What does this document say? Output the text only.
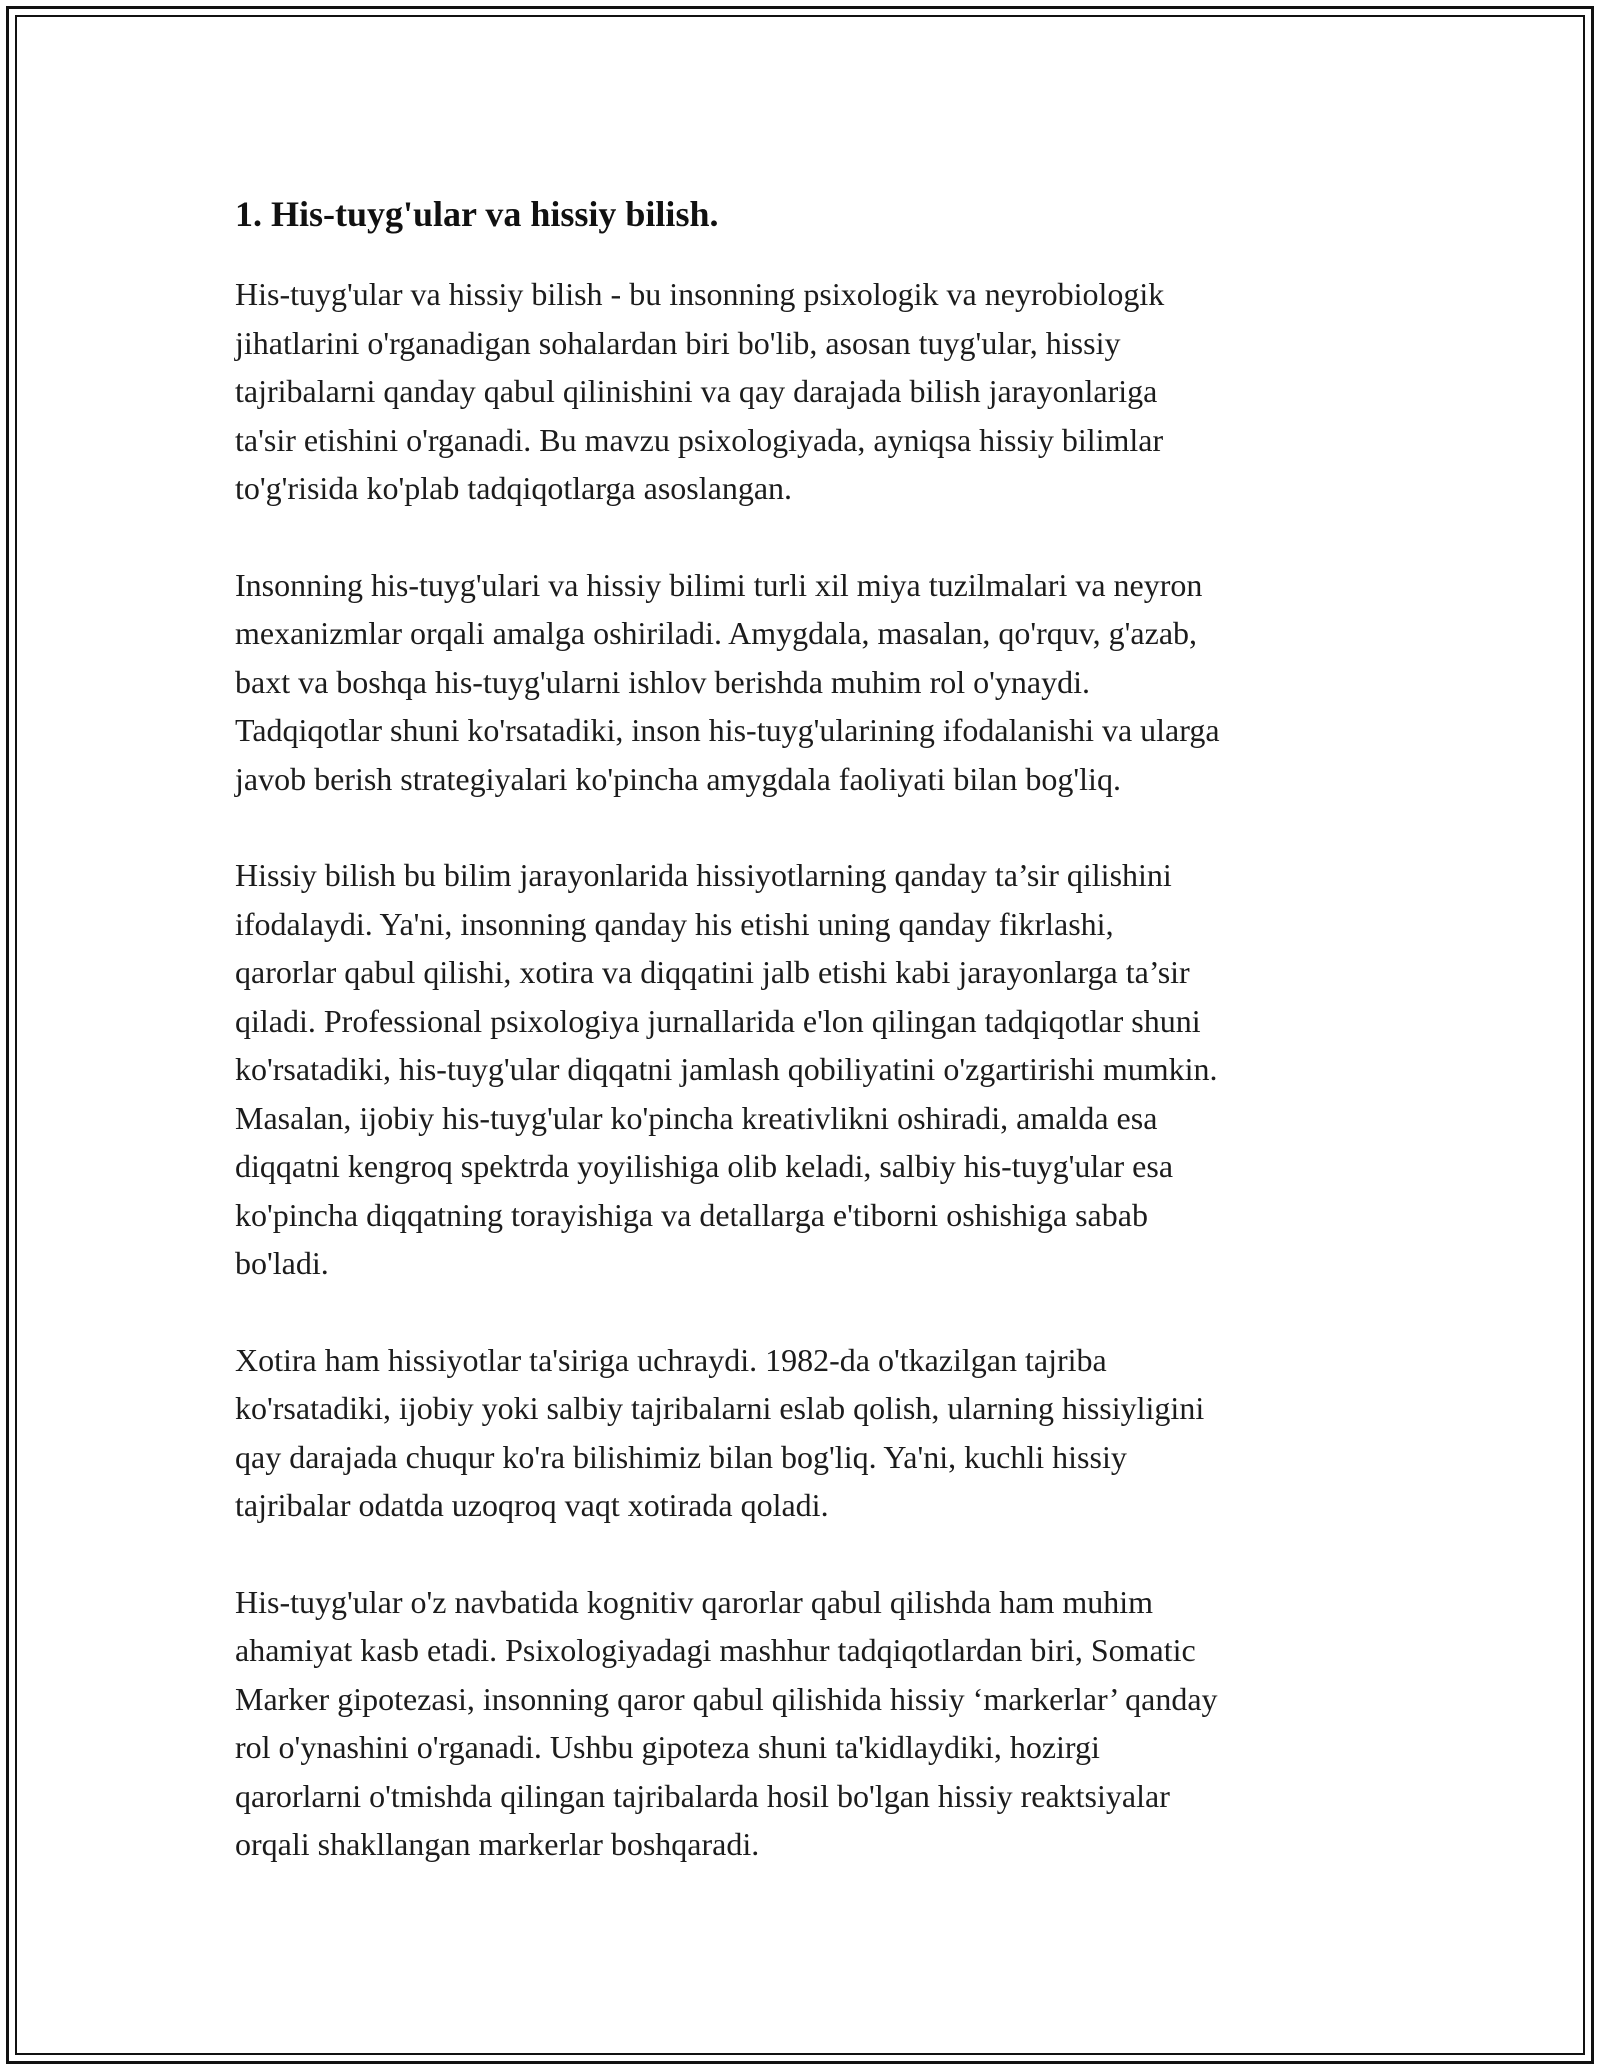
1. His-tuyg'ular va hissiy bilish.

His-tuyg'ular va hissiy bilish - bu insonning psixologik va neyrobiologik
jihatlarini o'rganadigan sohalardan biri bo'lib, asosan tuyg'ular, hissiy
tajribalarni qanday qabul qilinishini va qay darajada bilish jarayonlariga
ta'sir etishini o'rganadi. Bu mavzu psixologiyada, ayniqsa hissiy bilimlar
to'g'risida ko'plab tadqiqotlarga asoslangan.

Insonning his-tuyg'ulari va hissiy bilimi turli xil miya tuzilmalari va neyron
mexanizmlar orqali amalga oshiriladi. Amygdala, masalan, qo'rquv, g'azab,
baxt va boshqa his-tuyg'ularni ishlov berishda muhim rol o'ynaydi.
Tadqiqotlar shuni ko'rsatadiki, inson his-tuyg'ularining ifodalanishi va ularga
javob berish strategiyalari ko'pincha amygdala faoliyati bilan bog'liq.

Hissiy bilish bu bilim jarayonlarida hissiyotlarning qanday ta’sir qilishini
ifodalaydi. Ya'ni, insonning qanday his etishi uning qanday fikrlashi,
qarorlar qabul qilishi, xotira va diqqatini jalb etishi kabi jarayonlarga ta’sir
qiladi. Professional psixologiya jurnallarida e'lon qilingan tadqiqotlar shuni
ko'rsatadiki, his-tuyg'ular diqqatni jamlash qobiliyatini o'zgartirishi mumkin.
Masalan, ijobiy his-tuyg'ular ko'pincha kreativlikni oshiradi, amalda esa
diqqatni kengroq spektrda yoyilishiga olib keladi, salbiy his-tuyg'ular esa
ko'pincha diqqatning torayishiga va detallarga e'tiborni oshishiga sabab
bo'ladi.

Xotira ham hissiyotlar ta'siriga uchraydi. 1982-da o'tkazilgan tajriba
ko'rsatadiki, ijobiy yoki salbiy tajribalarni eslab qolish, ularning hissiyligini
qay darajada chuqur ko'ra bilishimiz bilan bog'liq. Ya'ni, kuchli hissiy
tajribalar odatda uzoqroq vaqt xotirada qoladi.

His-tuyg'ular o'z navbatida kognitiv qarorlar qabul qilishda ham muhim
ahamiyat kasb etadi. Psixologiyadagi mashhur tadqiqotlardan biri, Somatic
Marker gipotezasi, insonning qaror qabul qilishida hissiy ‘markerlar’ qanday
rol o'ynashini o'rganadi. Ushbu gipoteza shuni ta'kidlaydiki, hozirgi
qarorlarni o'tmishda qilingan tajribalarda hosil bo'lgan hissiy reaktsiyalar
orqali shakllangan markerlar boshqaradi.
